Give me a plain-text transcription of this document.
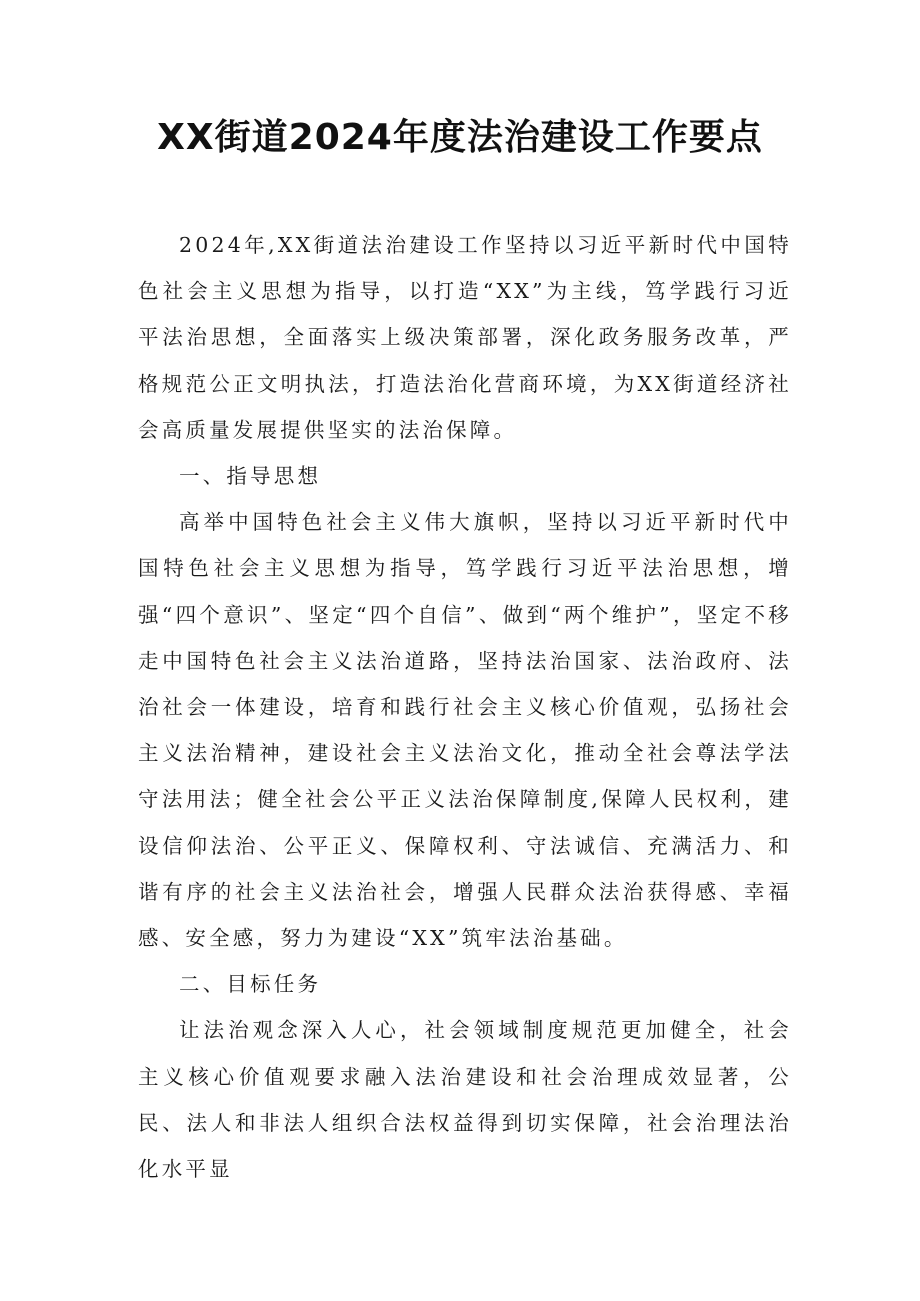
XX街道2024年度法治建设工作要点

2024年,XX街道法治建设工作坚持以习近平新时代中国特色社会主义思想为指导，以打造“XX”为主线，笃学践行习近平法治思想，全面落实上级决策部署，深化政务服务改革，严格规范公正文明执法，打造法治化营商环境，为XX街道经济社会高质量发展提供坚实的法治保障。

一、指导思想

高举中国特色社会主义伟大旗帜，坚持以习近平新时代中国特色社会主义思想为指导，笃学践行习近平法治思想，增强“四个意识”、坚定“四个自信”、做到“两个维护”，坚定不移走中国特色社会主义法治道路，坚持法治国家、法治政府、法治社会一体建设，培育和践行社会主义核心价值观，弘扬社会主义法治精神，建设社会主义法治文化，推动全社会尊法学法守法用法；健全社会公平正义法治保障制度,保障人民权利，建设信仰法治、公平正义、保障权利、守法诚信、充满活力、和谐有序的社会主义法治社会，增强人民群众法治获得感、幸福感、安全感，努力为建设“XX”筑牢法治基础。

二、目标任务

让法治观念深入人心，社会领域制度规范更加健全，社会主义核心价值观要求融入法治建设和社会治理成效显著，公民、法人和非法人组织合法权益得到切实保障，社会治理法治化水平显
